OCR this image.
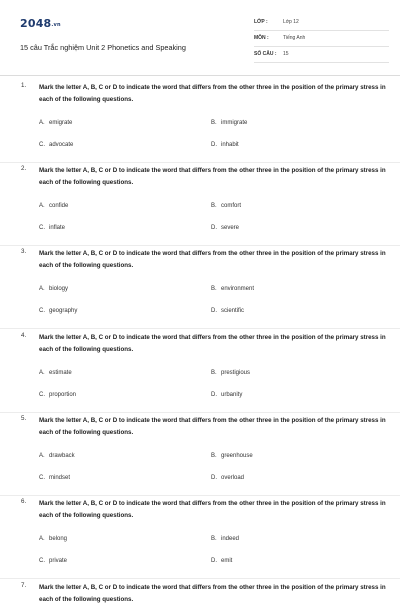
$2048^{.vn}$
15 câu Trắc nghiệm Unit 2 Phonetics and Speaking
LỚP :	Lớp 12
MÔN :	Tiếng Anh
SỐ CÂU : 15
1. Mark the letter A, B, C or D to indicate the word that differs from the other three in the position of the primary stress in each of the following questions.

A. emigrate	B. immigrate
C. advocate	D. inhabit
2. Mark the letter A, B, C or D to indicate the word that differs from the other three in the position of the primary stress in each of the following questions.

A. confide	B. comfort
C. inflate	D. severe
3. Mark the letter A, B, C or D to indicate the word that differs from the other three in the position of the primary stress in each of the following questions.

A. biology	B. environment
C. geography	D. scientific
4. Mark the letter A, B, C or D to indicate the word that differs from the other three in the position of the primary stress in each of the following questions.

A. estimate	B. prestigious
C. proportion	D. urbanity
5. Mark the letter A, B, C or D to indicate the word that differs from the other three in the position of the primary stress in each of the following questions.

A. drawback	B. greenhouse
C. mindset	D. overload
6. Mark the letter A, B, C or D to indicate the word that differs from the other three in the position of the primary stress in each of the following questions.

A. belong	B. indeed
C. private	D. emit
7. Mark the letter A, B, C or D to indicate the word that differs from the other three in the position of the primary stress in each of the following questions.
